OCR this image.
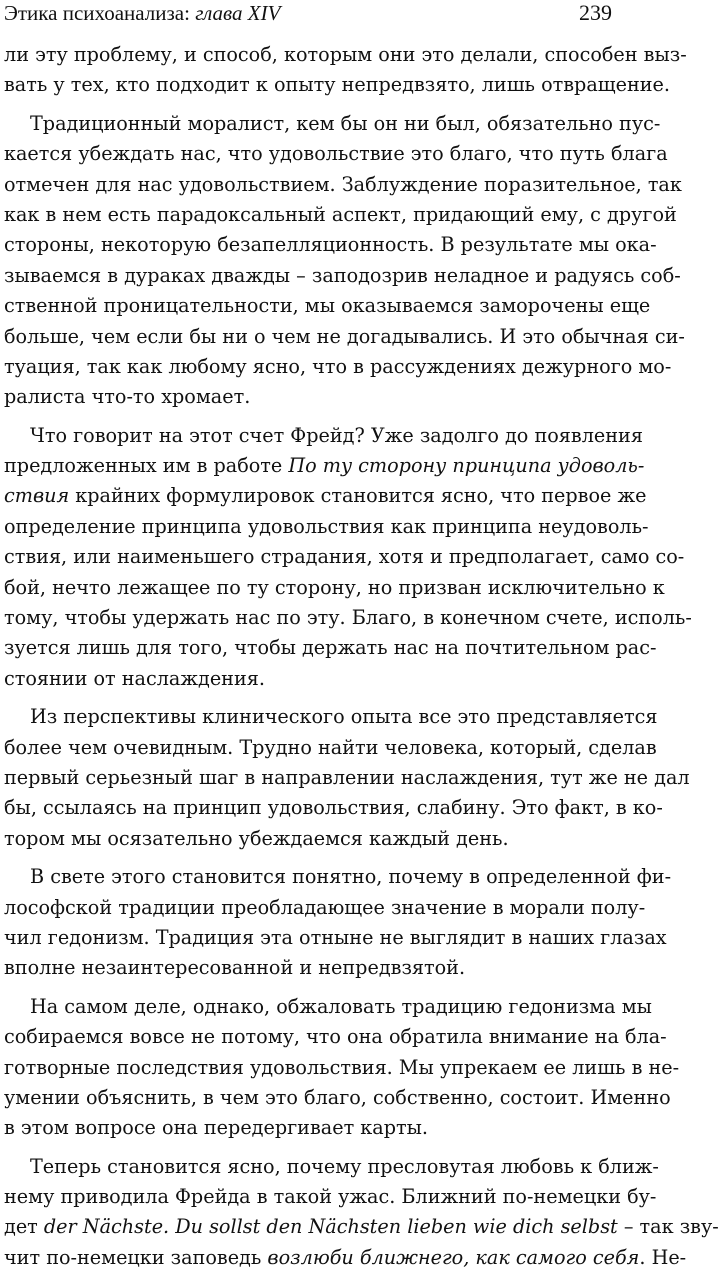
Этика психоанализа: глава XIV	239
ли эту проблему, и способ, которым они это делали, способен выз-
вать у тех, кто подходит к опыту непредвзято, лишь отвращение.
Традиционный моралист, кем бы он ни был, обязательно пус-
кается убеждать нас, что удовольствие это благо, что путь блага
отмечен для нас удовольствием. Заблуждение поразительное, так
как в нем есть парадоксальный аспект, придающий ему, с другой
стороны, некоторую безапелляционность. В результате мы ока-
зываемся в дураках дважды – заподозрив неладное и радуясь соб-
ственной проницательности, мы оказываемся заморочены еще
больше, чем если бы ни о чем не догадывались. И это обычная си-
туация, так как любому ясно, что в рассуждениях дежурного мо-
ралиста что-то хромает.
Что говорит на этот счет Фрейд? Уже задолго до появления
предложенных им в работе По ту сторону принципа удоволь-
ствия крайних формулировок становится ясно, что первое же
определение принципа удовольствия как принципа неудоволь-
ствия, или наименьшего страдания, хотя и предполагает, само со-
бой, нечто лежащее по ту сторону, но призван исключительно к
тому, чтобы удержать нас по эту. Благо, в конечном счете, исполь-
зуется лишь для того, чтобы держать нас на почтительном рас-
стоянии от наслаждения.
Из перспективы клинического опыта все это представляется
более чем очевидным. Трудно найти человека, который, сделав
первый серьезный шаг в направлении наслаждения, тут же не дал
бы, ссылаясь на принцип удовольствия, слабину. Это факт, в ко-
тором мы осязательно убеждаемся каждый день.
В свете этого становится понятно, почему в определенной фи-
лософской традиции преобладающее значение в морали полу-
чил гедонизм. Традиция эта отныне не выглядит в наших глазах
вполне незаинтересованной и непредвзятой.
На самом деле, однако, обжаловать традицию гедонизма мы
собираемся вовсе не потому, что она обратила внимание на бла-
готворные последствия удовольствия. Мы упрекаем ее лишь в не-
умении объяснить, в чем это благо, собственно, состоит. Именно
в этом вопросе она передергивает карты.
Теперь становится ясно, почему пресловутая любовь к ближ-
нему приводила Фрейда в такой ужас. Ближний по-немецки бу-
дет der Nächste. Du sollst den Nächsten lieben wie dich selbst – так зву-
чит по-немецки заповедь возлюби ближнего, как самого себя. Не-
